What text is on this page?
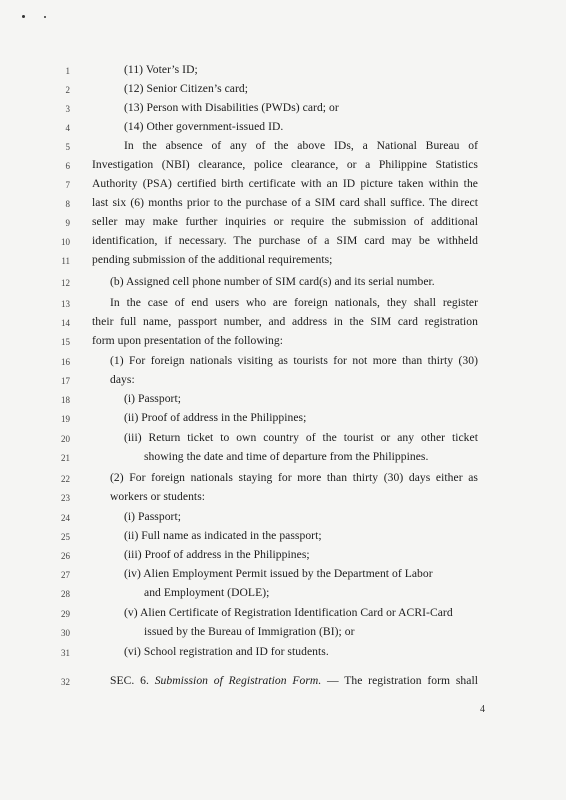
1
2
3
4
5
6
7
8
9
10
11
12
13
14
15
16
17
18
19
20
21
22
23
24
25
26
27
28
29
30
31
32
(11) Voter’s ID;
(12) Senior Citizen’s card;
(13) Person with Disabilities (PWDs) card; or
(14) Other government-issued ID.
In the absence of any of the above IDs, a National Bureau of
Investigation (NBI) clearance, police clearance, or a Philippine Statistics
Authority (PSA) certified birth certificate with an ID picture taken within the
last six (6) months prior to the purchase of a SIM card shall suffice. The direct
seller may make further inquiries or require the submission of additional
identification, if necessary. The purchase of a SIM card may be withheld
pending submission of the additional requirements;
(b) Assigned cell phone number of SIM card(s) and its serial number.
In the case of end users who are foreign nationals, they shall register
their full name, passport number, and address in the SIM card registration
form upon presentation of the following:
(1) For foreign nationals visiting as tourists for not more than thirty (30)
days:
(i) Passport;
(ii) Proof of address in the Philippines;
(iii) Return ticket to own country of the tourist or any other ticket
showing the date and time of departure from the Philippines.
(2) For foreign nationals staying for more than thirty (30) days either as
workers or students:
(i) Passport;
(ii) Full name as indicated in the passport;
(iii) Proof of address in the Philippines;
(iv) Alien Employment Permit issued by the Department of Labor
and Employment (DOLE);
(v) Alien Certificate of Registration Identification Card or ACRI-Card
issued by the Bureau of Immigration (BI); or
(vi) School registration and ID for students.
SEC. 6. Submission of Registration Form. — The registration form shall
4
